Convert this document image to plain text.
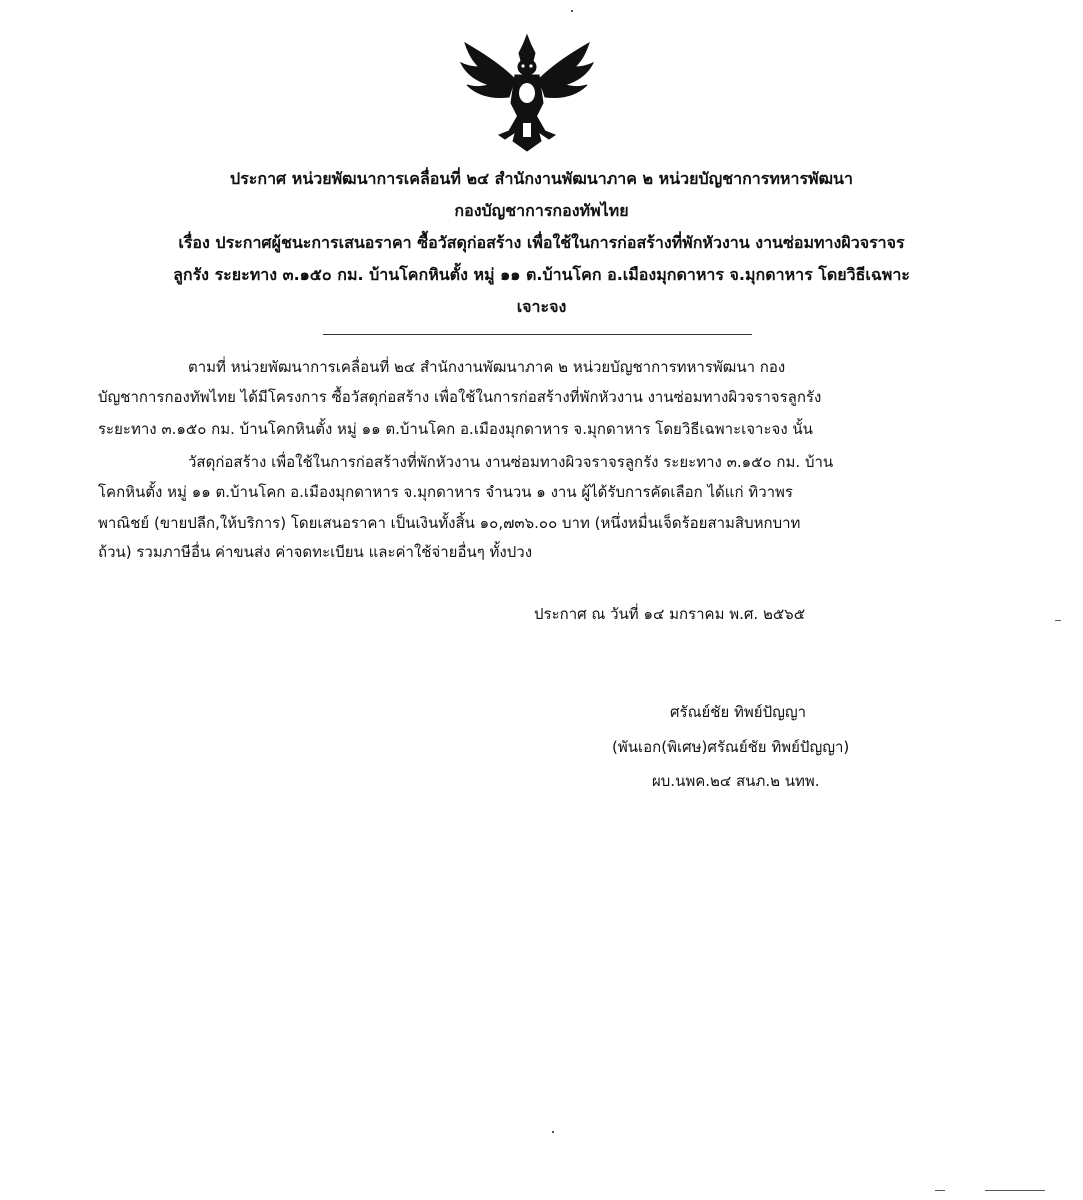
ประกาศ หน่วยพัฒนาการเคลื่อนที่ ๒๔ สำนักงานพัฒนาภาค ๒ หน่วยบัญชาการทหารพัฒนา
กองบัญชาการกองทัพไทย
เรื่อง ประกาศผู้ชนะการเสนอราคา ซื้อวัสดุก่อสร้าง เพื่อใช้ในการก่อสร้างที่พักหัวงาน งานซ่อมทางผิวจราจร
ลูกรัง ระยะทาง ๓.๑๕๐ กม. บ้านโคกหินตั้ง หมู่ ๑๑ ต.บ้านโคก อ.เมืองมุกดาหาร จ.มุกดาหาร โดยวิธีเฉพาะ
เจาะจง
ตามที่ หน่วยพัฒนาการเคลื่อนที่ ๒๔ สำนักงานพัฒนาภาค ๒ หน่วยบัญชาการทหารพัฒนา กอง
บัญชาการกองทัพไทย ได้มีโครงการ ซื้อวัสดุก่อสร้าง เพื่อใช้ในการก่อสร้างที่พักหัวงาน งานซ่อมทางผิวจราจรลูกรัง
ระยะทาง ๓.๑๕๐ กม. บ้านโคกหินตั้ง หมู่ ๑๑ ต.บ้านโคก อ.เมืองมุกดาหาร จ.มุกดาหาร โดยวิธีเฉพาะเจาะจง นั้น
วัสดุก่อสร้าง เพื่อใช้ในการก่อสร้างที่พักหัวงาน งานซ่อมทางผิวจราจรลูกรัง ระยะทาง ๓.๑๕๐ กม. บ้าน
โคกหินตั้ง หมู่ ๑๑ ต.บ้านโคก อ.เมืองมุกดาหาร จ.มุกดาหาร จำนวน ๑ งาน ผู้ได้รับการคัดเลือก ได้แก่ ทิวาพร
พาณิชย์ (ขายปลีก,ให้บริการ) โดยเสนอราคา เป็นเงินทั้งสิ้น ๑๐,๗๓๖.๐๐ บาท (หนึ่งหมื่นเจ็ดร้อยสามสิบหกบาท
ถ้วน) รวมภาษีอื่น ค่าขนส่ง ค่าจดทะเบียน และค่าใช้จ่ายอื่นๆ ทั้งปวง
ประกาศ ณ วันที่ ๑๔ มกราคม พ.ศ. ๒๕๖๕
ศรัณย์ชัย ทิพย์ปัญญา
(พันเอก(พิเศษ)ศรัณย์ชัย ทิพย์ปัญญา)
ผบ.นพค.๒๔ สนภ.๒ นทพ.
